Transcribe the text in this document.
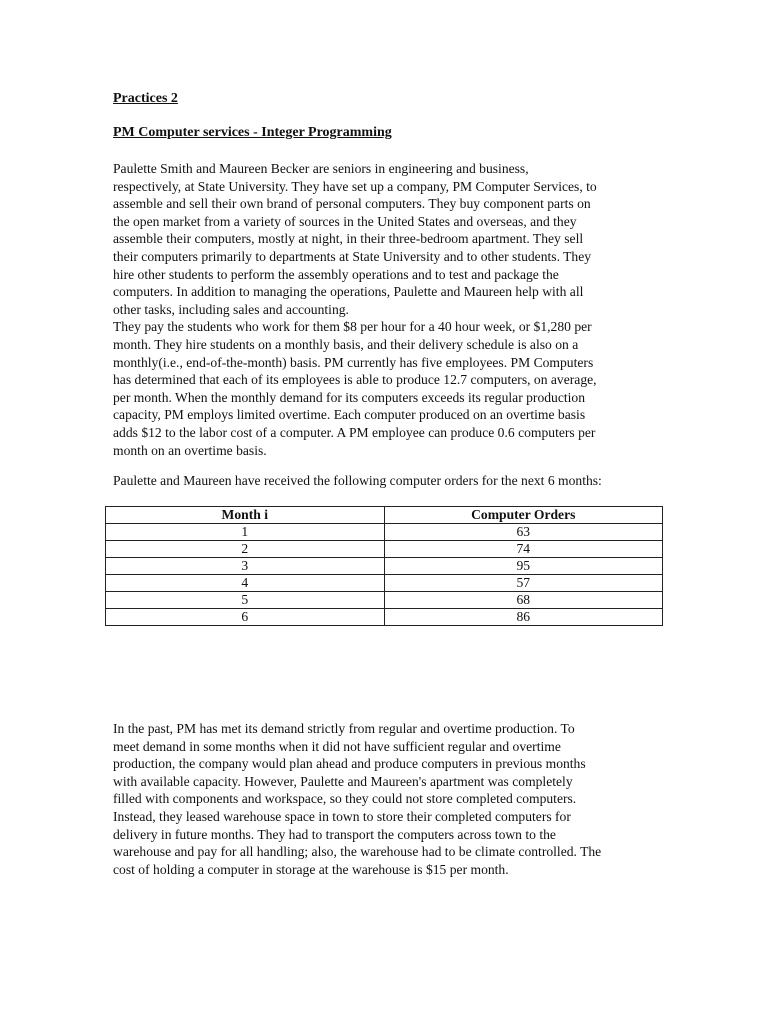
Practices 2

PM Computer services - Integer Programming

Paulette Smith and Maureen Becker are seniors in engineering and business,
respectively, at State University. They have set up a company, PM Computer Services, to
assemble and sell their own brand of personal computers. They buy component parts on
the open market from a variety of sources in the United States and overseas, and they
assemble their computers, mostly at night, in their three-bedroom apartment. They sell
their computers primarily to departments at State University and to other students. They
hire other students to perform the assembly operations and to test and package the
computers. In addition to managing the operations, Paulette and Maureen help with all
other tasks, including sales and accounting.
They pay the students who work for them $8 per hour for a 40 hour week, or $1,280 per
month. They hire students on a monthly basis, and their delivery schedule is also on a
monthly(i.e., end-of-the-month) basis. PM currently has five employees. PM Computers
has determined that each of its employees is able to produce 12.7 computers, on average,
per month. When the monthly demand for its computers exceeds its regular production
capacity, PM employs limited overtime. Each computer produced on an overtime basis
adds $12 to the labor cost of a computer. A PM employee can produce 0.6 computers per
month on an overtime basis.

Paulette and Maureen have received the following computer orders for the next 6 months:

Month i	Computer Orders
1	63
2	74
3	95
4	57
5	68
6	86
In the past, PM has met its demand strictly from regular and overtime production. To
meet demand in some months when it did not have sufficient regular and overtime
production, the company would plan ahead and produce computers in previous months
with available capacity. However, Paulette and Maureen's apartment was completely
filled with components and workspace, so they could not store completed computers.
Instead, they leased warehouse space in town to store their completed computers for
delivery in future months. They had to transport the computers across town to the
warehouse and pay for all handling; also, the warehouse had to be climate controlled. The
cost of holding a computer in storage at the warehouse is $15 per month.
